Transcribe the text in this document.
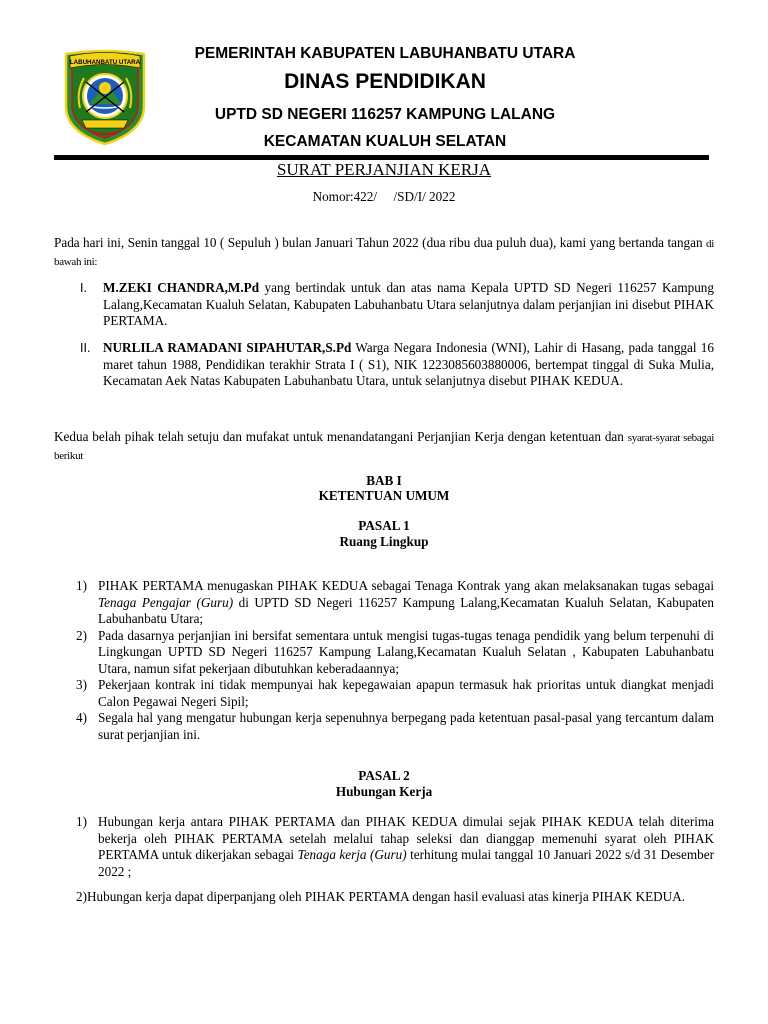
LABUHANBATU UTARA
PEMERINTAH KABUPATEN LABUHANBATU UTARA
DINAS PENDIDIKAN
UPTD SD NEGERI 116257 KAMPUNG LALANG
KECAMATAN KUALUH SELATAN
SURAT PERJANJIAN KERJA
Nomor:422/     /SD/I/ 2022
Pada hari ini, Senin tanggal 10 ( Sepuluh ) bulan Januari Tahun 2022 (dua ribu dua puluh dua), kami yang bertanda tangan di bawah ini:
I. M.ZEKI CHANDRA,M.Pd yang bertindak untuk dan atas nama Kepala UPTD SD Negeri 116257 Kampung Lalang,Kecamatan Kualuh Selatan, Kabupaten Labuhanbatu Utara selanjutnya dalam perjanjian ini disebut PIHAK PERTAMA.
II. NURLILA RAMADANI SIPAHUTAR,S.Pd Warga Negara Indonesia (WNI), Lahir di Hasang, pada tanggal 16 maret tahun 1988, Pendidikan terakhir Strata I ( S1), NIK 1223085603880006, bertempat tinggal di Suka Mulia, Kecamatan Aek Natas Kabupaten Labuhanbatu Utara, untuk selanjutnya disebut PIHAK KEDUA.
Kedua belah pihak telah setuju dan mufakat untuk menandatangani Perjanjian Kerja dengan ketentuan dan syarat-syarat sebagai berikut
BAB I
KETENTUAN UMUM
PASAL 1
Ruang Lingkup
1) PIHAK PERTAMA menugaskan PIHAK KEDUA sebagai Tenaga Kontrak yang akan melaksanakan tugas sebagai Tenaga Pengajar (Guru) di UPTD SD Negeri 116257 Kampung Lalang,Kecamatan Kualuh Selatan, Kabupaten Labuhanbatu Utara;
2) Pada dasarnya perjanjian ini bersifat sementara untuk mengisi tugas-tugas tenaga pendidik yang belum terpenuhi di Lingkungan UPTD SD Negeri 116257 Kampung Lalang,Kecamatan Kualuh Selatan , Kabupaten Labuhanbatu Utara, namun sifat pekerjaan dibutuhkan keberadaannya;
3) Pekerjaan kontrak ini tidak mempunyai hak kepegawaian apapun termasuk hak prioritas untuk diangkat menjadi Calon Pegawai Negeri Sipil;
4) Segala hal yang mengatur hubungan kerja sepenuhnya berpegang pada ketentuan pasal-pasal yang tercantum dalam surat perjanjian ini.
PASAL 2
Hubungan Kerja
1) Hubungan kerja antara PIHAK PERTAMA dan PIHAK KEDUA dimulai sejak PIHAK KEDUA telah diterima bekerja oleh PIHAK PERTAMA setelah melalui tahap seleksi dan dianggap memenuhi syarat oleh PIHAK PERTAMA untuk dikerjakan sebagai Tenaga kerja (Guru) terhitung mulai tanggal 10 Januari 2022 s/d 31 Desember 2022 ;
2)Hubungan kerja dapat diperpanjang oleh PIHAK PERTAMA dengan hasil evaluasi atas kinerja PIHAK KEDUA.
